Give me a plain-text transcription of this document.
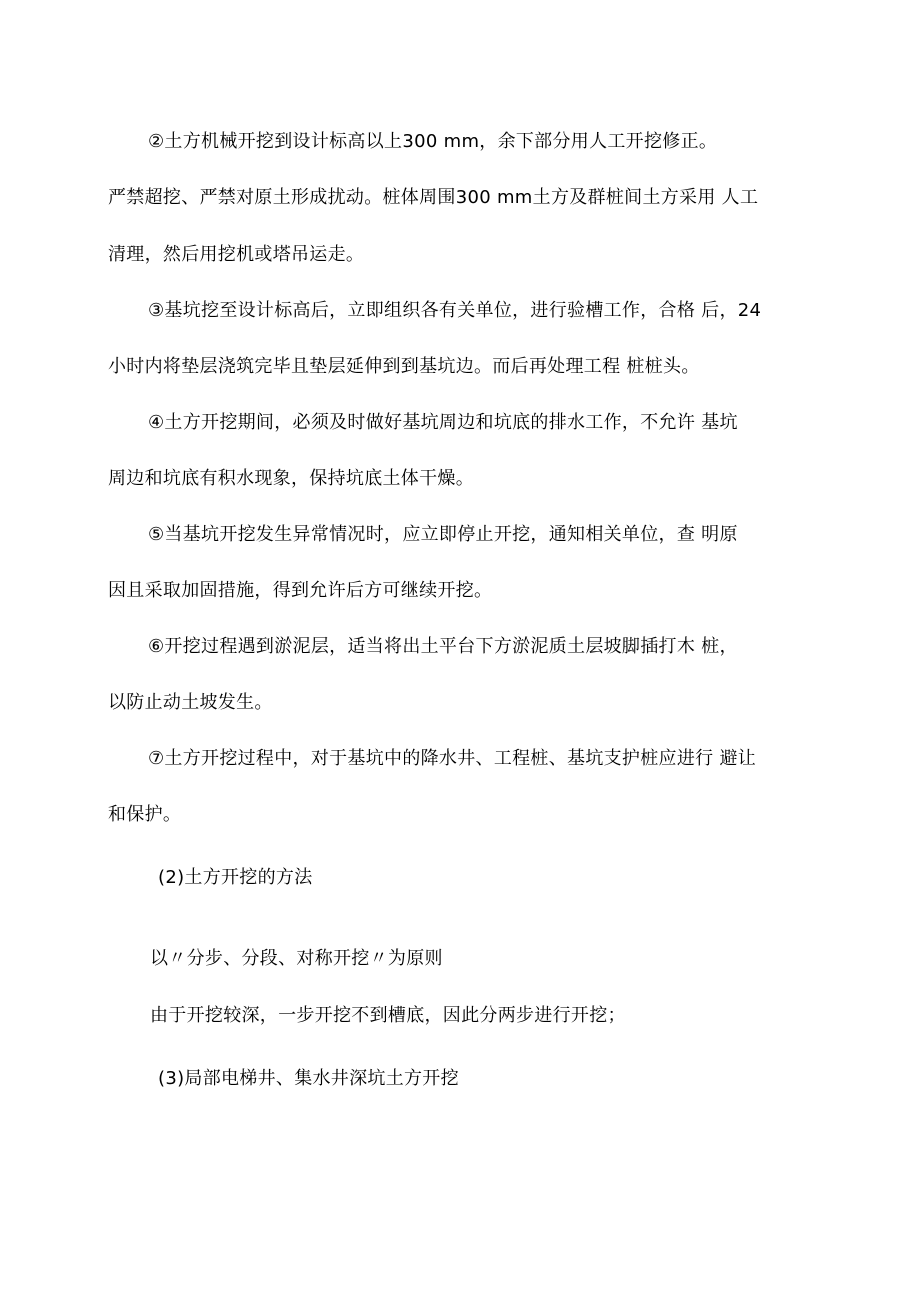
②土方机械开挖到设计标高以上300 mm，余下部分用人工开挖修正。
严禁超挖、严禁对原土形成扰动。桩体周围300 mm土方及群桩间土方采用 人工
清理，然后用挖机或塔吊运走。
③基坑挖至设计标高后，立即组织各有关单位，进行验槽工作，合格 后，24
小时内将垫层浇筑完毕且垫层延伸到到基坑边。而后再处理工程 桩桩头。
④土方开挖期间，必须及时做好基坑周边和坑底的排水工作，不允许 基坑
周边和坑底有积水现象，保持坑底土体干燥。
⑤当基坑开挖发生异常情况时，应立即停止开挖，通知相关单位，查 明原
因且采取加固措施，得到允许后方可继续开挖。
⑥开挖过程遇到淤泥层，适当将出土平台下方淤泥质土层坡脚插打木 桩，
以防止动土坡发生。
⑦土方开挖过程中，对于基坑中的降水井、工程桩、基坑支护桩应进行 避让
和保护。
(2)土方开挖的方法
以〃分步、分段、对称开挖〃为原则
由于开挖较深，一步开挖不到槽底，因此分两步进行开挖；
(3)局部电梯井、集水井深坑土方开挖
